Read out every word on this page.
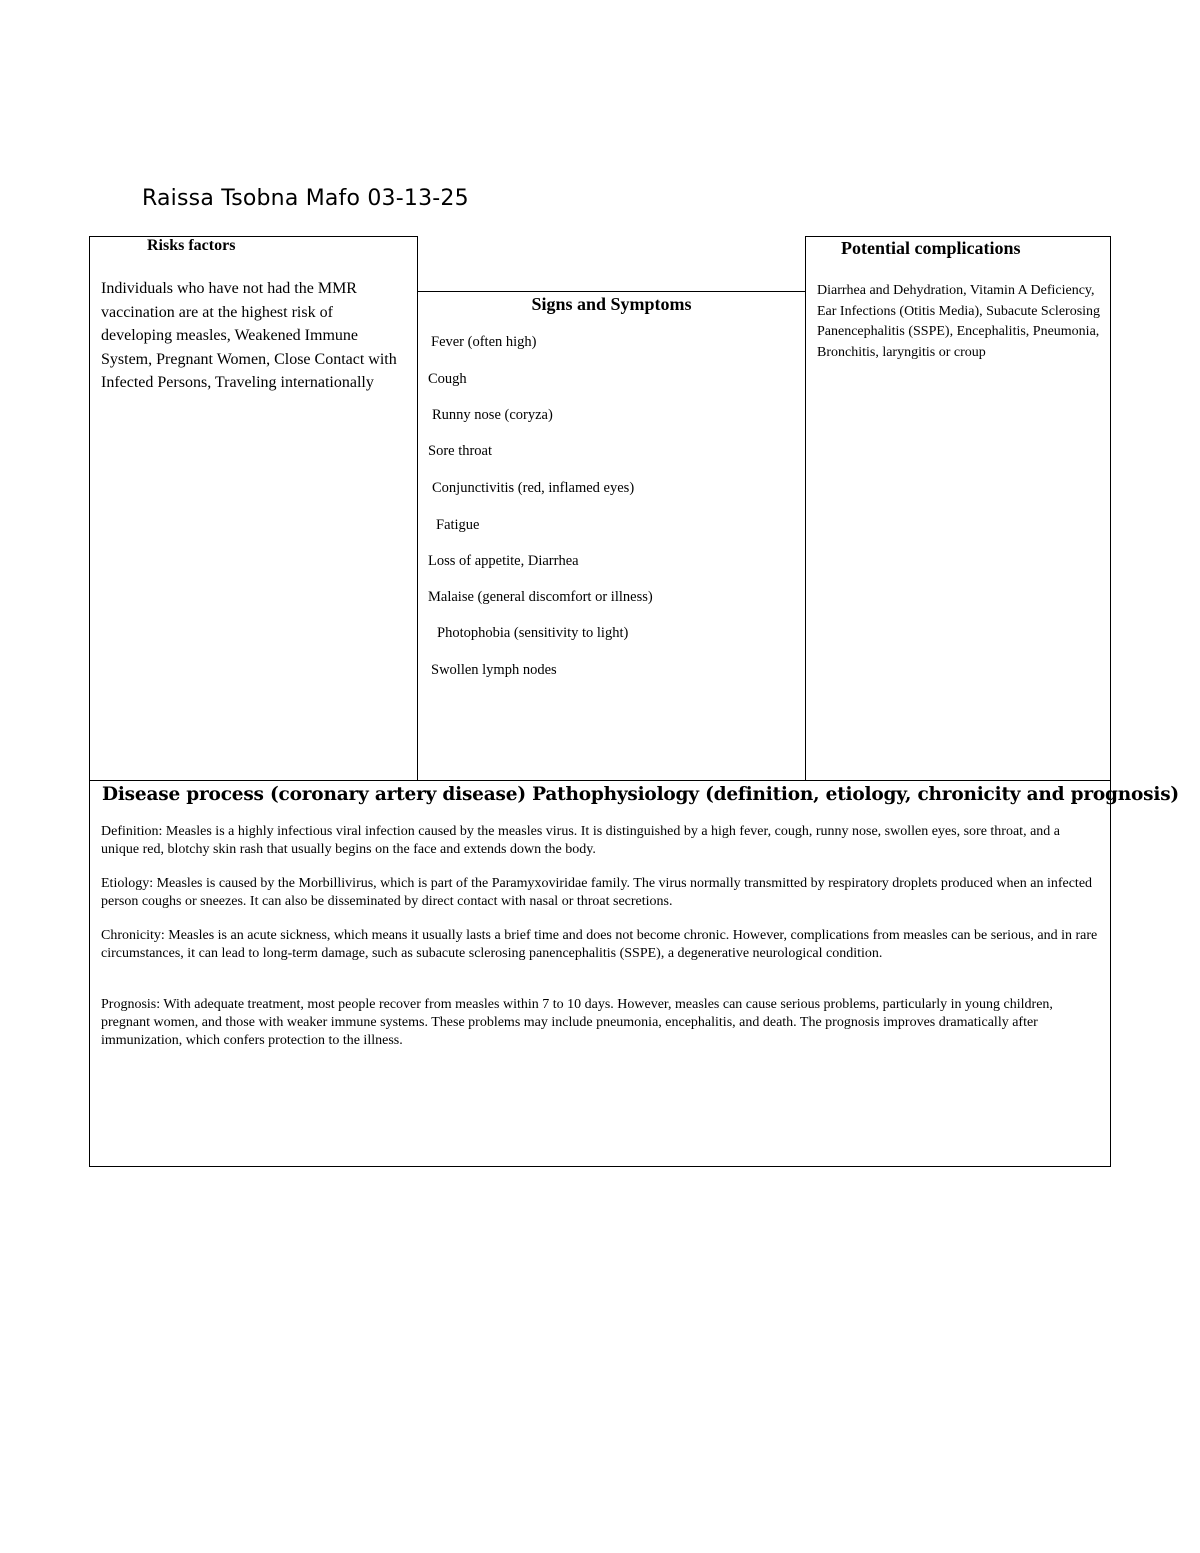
Raissa Tsobna Mafo 03-13-25
Risks factors
Individuals who have not had the MMR vaccination are at the highest risk of developing measles, Weakened Immune System, Pregnant Women, Close Contact with Infected Persons, Traveling internationally
Signs and Symptoms
Fever (often high)
Cough
Runny nose (coryza)
Sore throat
Conjunctivitis (red, inflamed eyes)
Fatigue
Loss of appetite, Diarrhea
Malaise (general discomfort or illness)
Photophobia (sensitivity to light)
Swollen lymph nodes
Potential complications
Diarrhea and Dehydration, Vitamin A Deficiency, Ear Infections (Otitis Media), Subacute Sclerosing Panencephalitis (SSPE), Encephalitis, Pneumonia, Bronchitis, laryngitis or croup
Disease process (coronary artery disease) Pathophysiology (definition, etiology, chronicity and prognosis)

Definition: Measles is a highly infectious viral infection caused by the measles virus. It is distinguished by a high fever, cough, runny nose, swollen eyes, sore throat, and a unique red, blotchy skin rash that usually begins on the face and extends down the body.

Etiology: Measles is caused by the Morbillivirus, which is part of the Paramyxoviridae family. The virus normally transmitted by respiratory droplets produced when an infected person coughs or sneezes. It can also be disseminated by direct contact with nasal or throat secretions.

Chronicity: Measles is an acute sickness, which means it usually lasts a brief time and does not become chronic. However, complications from measles can be serious, and in rare circumstances, it can lead to long-term damage, such as subacute sclerosing panencephalitis (SSPE), a degenerative neurological condition.

Prognosis: With adequate treatment, most people recover from measles within 7 to 10 days. However, measles can cause serious problems, particularly in young children, pregnant women, and those with weaker immune systems. These problems may include pneumonia, encephalitis, and death. The prognosis improves dramatically after immunization, which confers protection to the illness.
